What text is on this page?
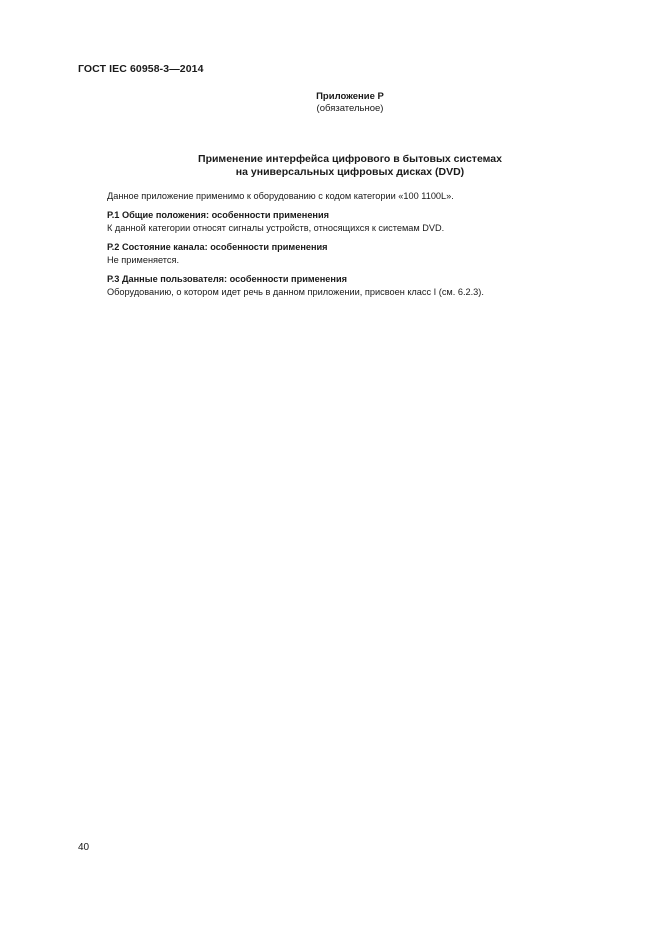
ГОСТ IEC 60958-3—2014
Приложение Р
(обязательное)
Применение интерфейса цифрового в бытовых системах
на универсальных цифровых дисках (DVD)

Данное приложение применимо к оборудованию с кодом категории «100 1100L».

Р.1 Общие положения: особенности применения

К данной категории относят сигналы устройств, относящихся к системам DVD.

Р.2 Состояние канала: особенности применения

Не применяется.

Р.3 Данные пользователя: особенности применения

Оборудованию, о котором идет речь в данном приложении, присвоен класс I (см. 6.2.3).

40
